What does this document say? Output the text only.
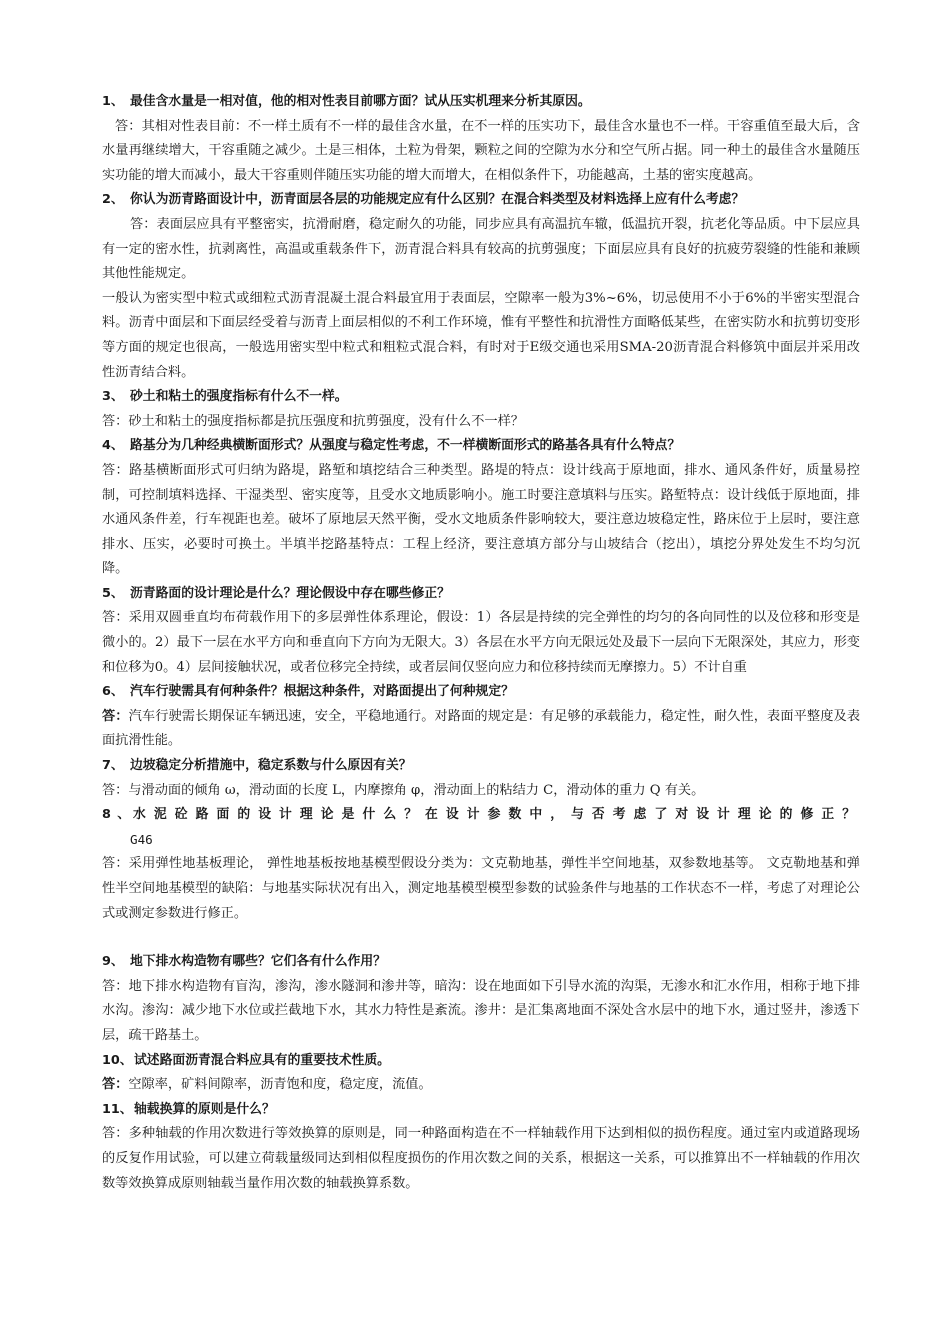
1、 最佳含水量是一相对值，他的相对性表目前哪方面？试从压实机理来分析其原因。
答：其相对性表目前：不一样土质有不一样的最佳含水量，在不一样的压实功下，最佳含水量也不一样。干容重值至最大后，含水量再继续增大，干容重随之减少。土是三相体，土粒为骨架，颗粒之间的空隙为水分和空气所占据。同一种土的最佳含水量随压实功能的增大而减小，最大干容重则伴随压实功能的增大而增大，在相似条件下，功能越高，土基的密实度越高。
2、 你认为沥青路面设计中，沥青面层各层的功能规定应有什么区别？在混合料类型及材料选择上应有什么考虑？
答：表面层应具有平整密实，抗滑耐磨，稳定耐久的功能，同步应具有高温抗车辙，低温抗开裂，抗老化等品质。中下层应具有一定的密水性，抗剥离性，高温或重载条件下，沥青混合料具有较高的抗剪强度；下面层应具有良好的抗疲劳裂缝的性能和兼顾其他性能规定。
一般认为密实型中粒式或细粒式沥青混凝土混合料最宜用于表面层，空隙率一般为3%~6%，切忌使用不小于6%的半密实型混合料。沥青中面层和下面层经受着与沥青上面层相似的不利工作环境，惟有平整性和抗滑性方面略低某些，在密实防水和抗剪切变形等方面的规定也很高，一般选用密实型中粒式和粗粒式混合料，有时对于E级交通也采用SMA-20沥青混合料修筑中面层并采用改性沥青结合料。
3、 砂土和粘土的强度指标有什么不一样。
答：砂土和粘土的强度指标都是抗压强度和抗剪强度，没有什么不一样？
4、 路基分为几种经典横断面形式？从强度与稳定性考虑，不一样横断面形式的路基各具有什么特点？
答：路基横断面形式可归纳为路堤，路堑和填挖结合三种类型。路堤的特点：设计线高于原地面，排水、通风条件好，质量易控制，可控制填料选择、干湿类型、密实度等，且受水文地质影响小。施工时要注意填料与压实。路堑特点：设计线低于原地面，排水通风条件差，行车视距也差。破坏了原地层天然平衡，受水文地质条件影响较大，要注意边坡稳定性，路床位于上层时，要注意排水、压实，必要时可换土。半填半挖路基特点：工程上经济，要注意填方部分与山坡结合（挖出），填挖分界处发生不均匀沉降。
5、 沥青路面的设计理论是什么？理论假设中存在哪些修正？
答：采用双圆垂直均布荷载作用下的多层弹性体系理论，假设：1）各层是持续的完全弹性的均匀的各向同性的以及位移和形变是微小的。2）最下一层在水平方向和垂直向下方向为无限大。3）各层在水平方向无限远处及最下一层向下无限深处，其应力，形变和位移为0。4）层间接触状况，或者位移完全持续，或者层间仅竖向应力和位移持续而无摩擦力。5）不计自重
6、 汽车行驶需具有何种条件？根据这种条件，对路面提出了何种规定？
答：汽车行驶需长期保证车辆迅速，安全，平稳地通行。对路面的规定是：有足够的承载能力，稳定性，耐久性，表面平整度及表面抗滑性能。
7、 边坡稳定分析措施中，稳定系数与什么原因有关？
答：与滑动面的倾角 ω，滑动面的长度 L，内摩擦角 φ，滑动面上的粘结力 C，滑动体的重力 Q 有关。
8、水泥砼路面的设计理论是什么？在设计参数中，与否考虑了对设计理论的修正？
G46
答：采用弹性地基板理论， 弹性地基板按地基模型假设分类为：文克勒地基，弹性半空间地基，双参数地基等。 文克勒地基和弹性半空间地基模型的缺陷：与地基实际状况有出入，测定地基模型模型参数的试验条件与地基的工作状态不一样，考虑了对理论公式或测定参数进行修正。
9、 地下排水构造物有哪些？它们各有什么作用？
答：地下排水构造物有盲沟，渗沟，渗水隧洞和渗井等，暗沟：设在地面如下引导水流的沟渠，无渗水和汇水作用，相称于地下排水沟。渗沟：减少地下水位或拦截地下水，其水力特性是紊流。渗井：是汇集离地面不深处含水层中的地下水，通过竖井，渗透下层，疏干路基土。
10、试述路面沥青混合料应具有的重要技术性质。
答：空隙率，矿料间隙率，沥青饱和度，稳定度，流值。
11、轴载换算的原则是什么？
答：多种轴载的作用次数进行等效换算的原则是，同一种路面构造在不一样轴载作用下达到相似的损伤程度。通过室内或道路现场的反复作用试验，可以建立荷载量级同达到相似程度损伤的作用次数之间的关系，根据这一关系，可以推算出不一样轴载的作用次数等效换算成原则轴载当量作用次数的轴载换算系数。
